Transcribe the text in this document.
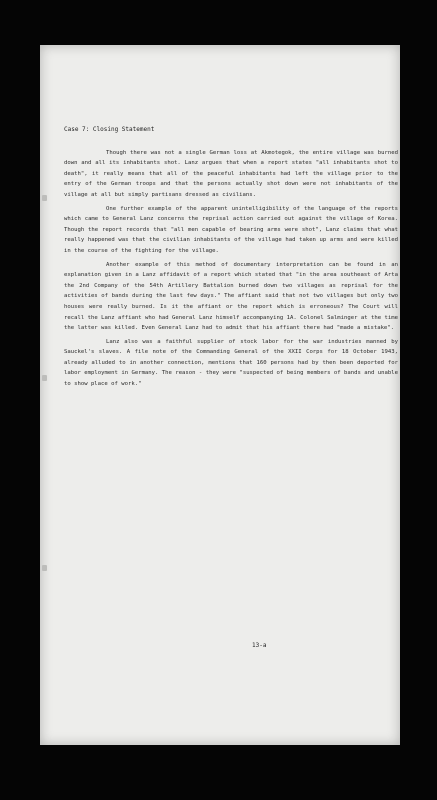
Case 7: Closing Statement

Though there was not a single German loss at Akmotegok, the entire village was burned down and all its inhabitants shot. Lanz argues that when a report states "all inhabitants shot to death", it really means that all of the peaceful inhabitants had left the village prior to the entry of the German troops and that the persons actually shot down were not inhabitants of the village at all but simply partisans dressed as civilians.

One further example of the apparent unintelligibility of the language of the reports which came to General Lanz concerns the reprisal action carried out against the village of Korea. Though the report records that "all men capable of bearing arms were shot", Lanz claims that what really happened was that the civilian inhabitants of the village had taken up arms and were killed in the course of the fighting for the village.

Another example of this method of documentary interpretation can be found in an explanation given in a Lanz affidavit of a report which stated that "in the area southeast of Arta the 2nd Company of the 54th Artillery Battalion burned down two villages as reprisal for the activities of bands during the last few days." The affiant said that not two villages but only two houses were really burned. Is it the affiant or the report which is erroneous? The Court will recall the Lanz affiant who had General Lanz himself accompanying 1A. Colonel Salminger at the time the latter was killed. Even General Lanz had to admit that his affiant there had "made a mistake".

Lanz also was a faithful supplier of stock labor for the war industries manned by Sauckel's slaves. A file note of the Commanding General of the XXII Corps for 18 October 1943, already alluded to in another connection, mentions that 160 persons had by then been deported for labor employment in Germany. The reason - they were "suspected of being members of bands and unable to show place of work."

13-a
